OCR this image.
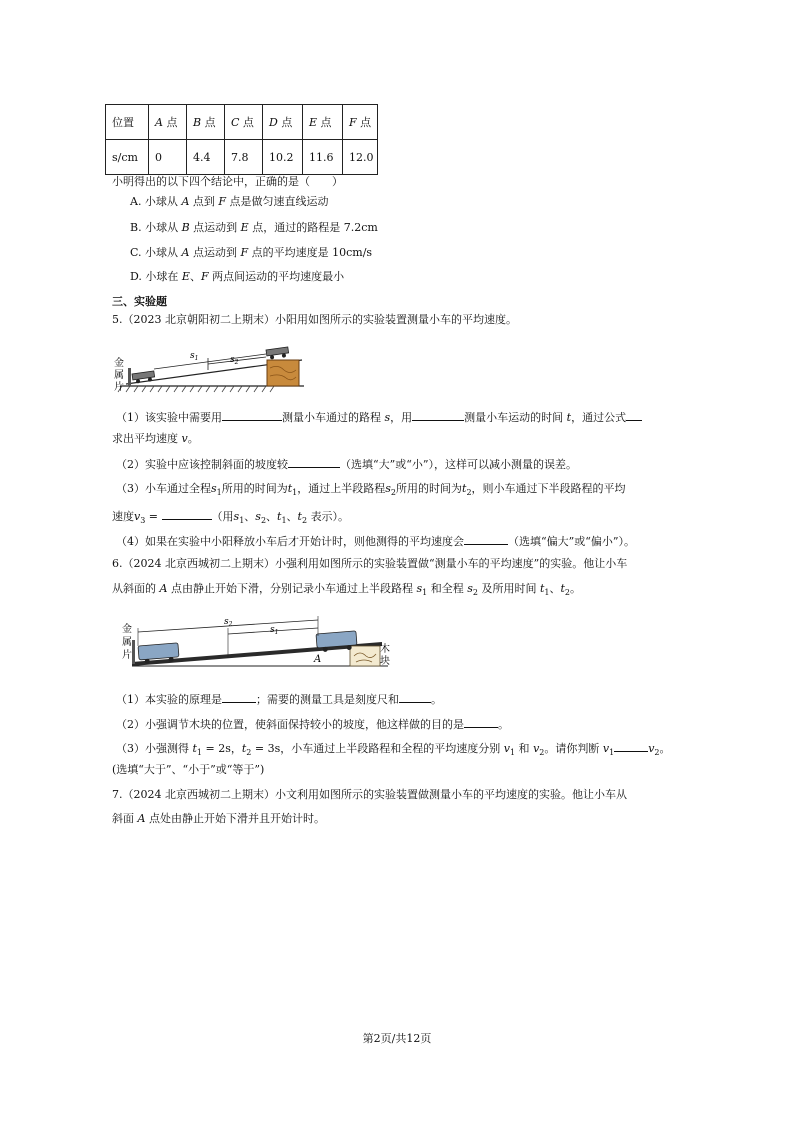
位置	A 点	B 点	C 点	D 点	E 点	F 点
s/cm	0	4.4	7.8	10.2	11.6	12.0
小明得出的以下四个结论中，正确的是（　　）
A. 小球从 A 点到 F 点是做匀速直线运动
B. 小球从 B 点运动到 E 点，通过的路程是 7.2cm
C. 小球从 A 点运动到 F 点的平均速度是 10cm/s
D. 小球在 E、F 两点间运动的平均速度最小
三、实验题
5.（2023 北京朝阳初二上期末）小阳用如图所示的实验装置测量小车的平均速度。
$s_1$	$s_2$
金
属
片
（1）该实验中需要用	测量小车通过的路程 s，用	测量小车运动的时间 t，通过公式
求出平均速度 v。
（2）实验中应该控制斜面的坡度较	（选填“大”或“小”），这样可以减小测量的误差。
（3）小车通过全程$s_1$所用的时间为$t_1$，通过上半段路程$s_2$所用的时间为$t_2$，则小车通过下半段路程的平均
速度$v_3$ =	（用$s_1$、$s_2$、$t_1$、$t_2$ 表示）。
（4）如果在实验中小阳释放小车后才开始计时，则他测得的平均速度会	（选填“偏大”或“偏小”）。
6.（2024 北京西城初二上期末）小强利用如图所示的实验装置做“测量小车的平均速度”的实验。他让小车
从斜面的 A 点由静止开始下滑，分别记录小车通过上半段路程 $s_1$ 和全程 $s_2$ 及所用时间 $t_1$、$t_2$。
$s_2$
$s_1$
A
金
属
片
木
块
（1）本实验的原理是	；需要的测量工具是刻度尺和	。
（2）小强调节木块的位置，使斜面保持较小的坡度，他这样做的目的是	。
（3）小强测得 $t_1 = 2s$，$t_2 = 3s$，小车通过上半段路程和全程的平均速度分别 $v_1$ 和 $v_2$。请你判断 $v_1$	$v_2$。
(选填“大于”、“小于”或“等于”)
7.（2024 北京西城初二上期末）小文利用如图所示的实验装置做测量小车的平均速度的实验。他让小车从
斜面 A 点处由静止开始下滑并且开始计时。
第2页/共12页
